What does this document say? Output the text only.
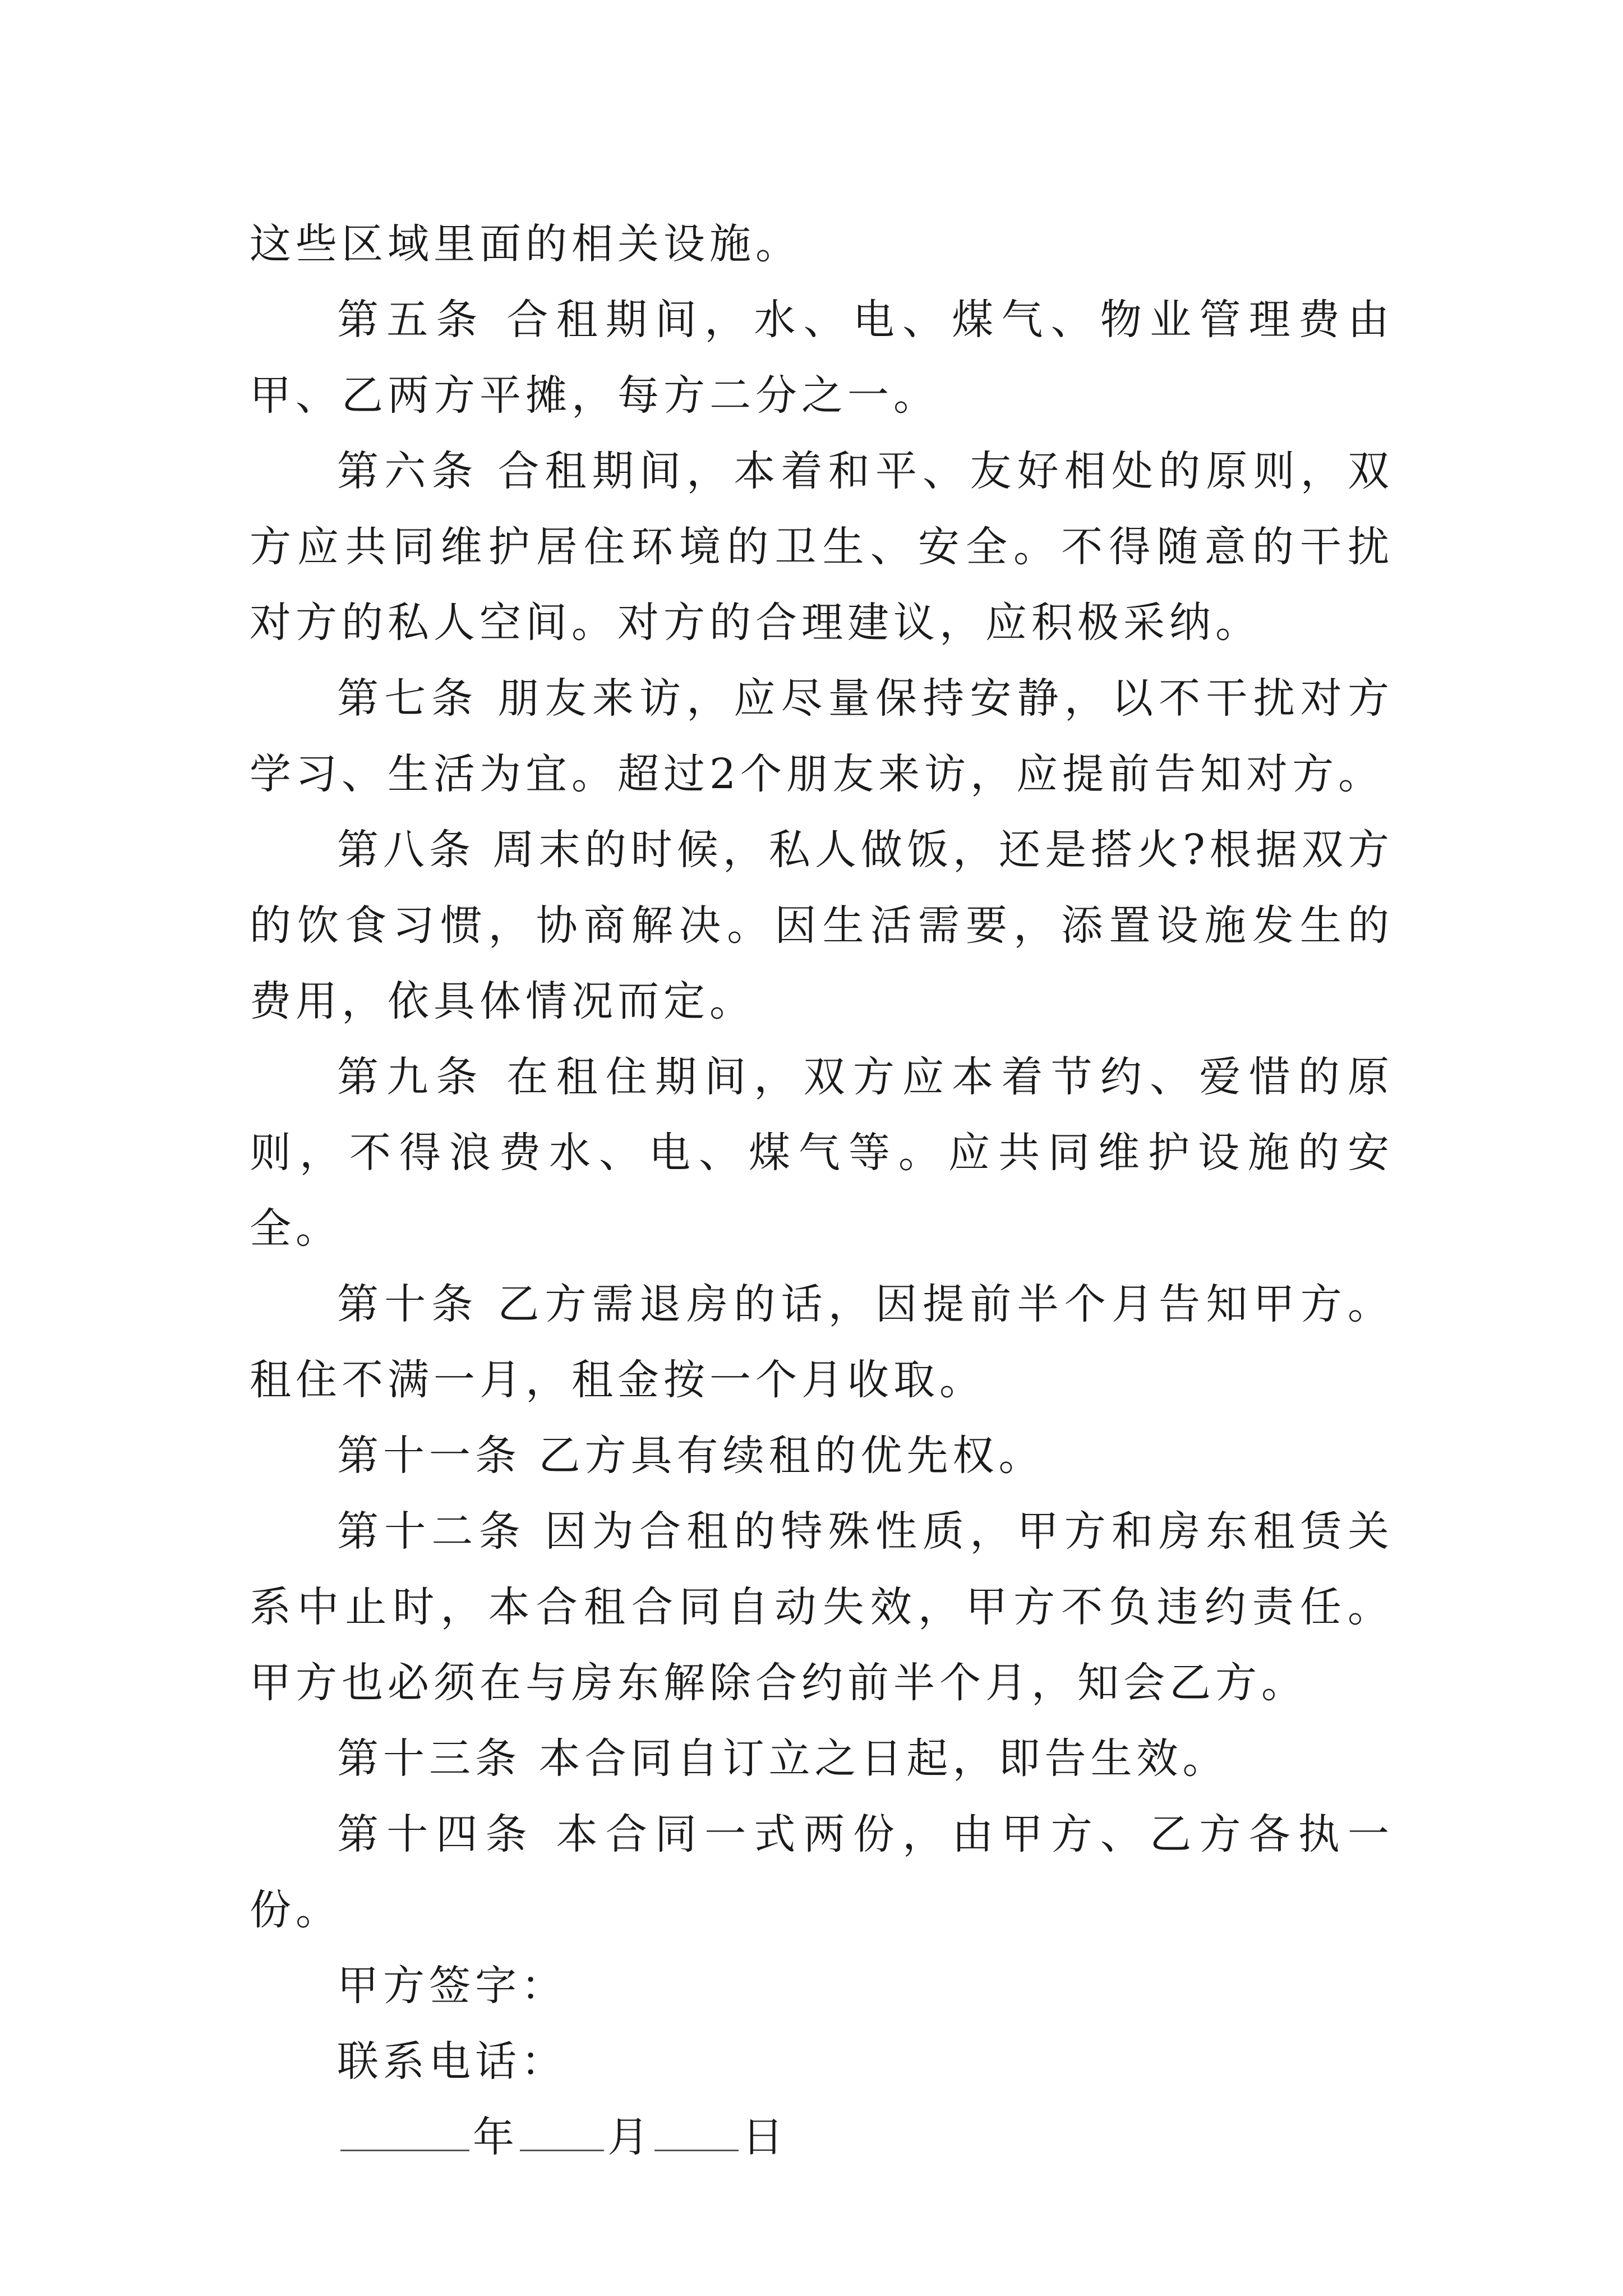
这些区域里面的相关设施。

第五条 合租期间，水、电、煤气、物业管理费由甲、乙两方平摊，每方二分之一。

第六条 合租期间，本着和平、友好相处的原则，双方应共同维护居住环境的卫生、安全。不得随意的干扰对方的私人空间。对方的合理建议，应积极采纳。

第七条 朋友来访，应尽量保持安静，以不干扰对方学习、生活为宜。超过2个朋友来访，应提前告知对方。

第八条 周末的时候，私人做饭，还是搭火?根据双方的饮食习惯，协商解决。因生活需要，添置设施发生的费用，依具体情况而定。

第九条 在租住期间，双方应本着节约、爱惜的原则，不得浪费水、电、煤气等。应共同维护设施的安全。

第十条 乙方需退房的话，因提前半个月告知甲方。租住不满一月，租金按一个月收取。

第十一条 乙方具有续租的优先权。

第十二条 因为合租的特殊性质，甲方和房东租赁关系中止时，本合租合同自动失效，甲方不负违约责任。甲方也必须在与房东解除合约前半个月，知会乙方。

第十三条 本合同自订立之日起，即告生效。

第十四条 本合同一式两份，由甲方、乙方各执一份。

甲方签字：

联系电话：

年 月 日
